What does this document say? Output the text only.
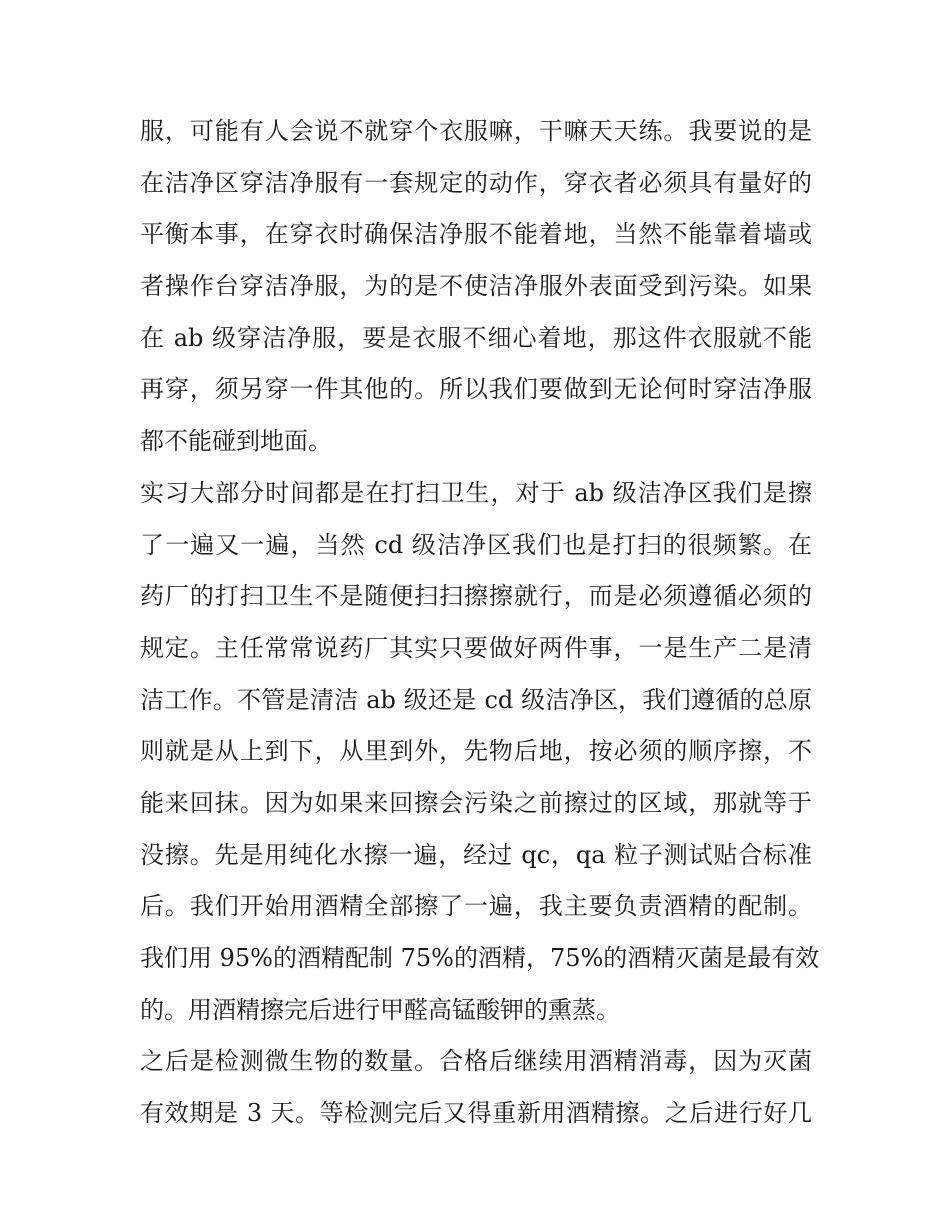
服，可能有人会说不就穿个衣服嘛，干嘛天天练。我要说的是
在洁净区穿洁净服有一套规定的动作，穿衣者必须具有量好的
平衡本事，在穿衣时确保洁净服不能着地，当然不能靠着墙或
者操作台穿洁净服，为的是不使洁净服外表面受到污染。如果
在 ab 级穿洁净服，要是衣服不细心着地，那这件衣服就不能
再穿，须另穿一件其他的。所以我们要做到无论何时穿洁净服
都不能碰到地面。
实习大部分时间都是在打扫卫生，对于 ab 级洁净区我们是擦
了一遍又一遍，当然 cd 级洁净区我们也是打扫的很频繁。在
药厂的打扫卫生不是随便扫扫擦擦就行，而是必须遵循必须的
规定。主任常常说药厂其实只要做好两件事，一是生产二是清
洁工作。不管是清洁 ab 级还是 cd 级洁净区，我们遵循的总原
则就是从上到下，从里到外，先物后地，按必须的顺序擦，不
能来回抹。因为如果来回擦会污染之前擦过的区域，那就等于
没擦。先是用纯化水擦一遍，经过 qc，qa 粒子测试贴合标准
后。我们开始用酒精全部擦了一遍，我主要负责酒精的配制。
我们用 95%的酒精配制 75%的酒精，75%的酒精灭菌是最有效
的。用酒精擦完后进行甲醛高锰酸钾的熏蒸。
之后是检测微生物的数量。合格后继续用酒精消毒，因为灭菌
有效期是 3 天。等检测完后又得重新用酒精擦。之后进行好几
